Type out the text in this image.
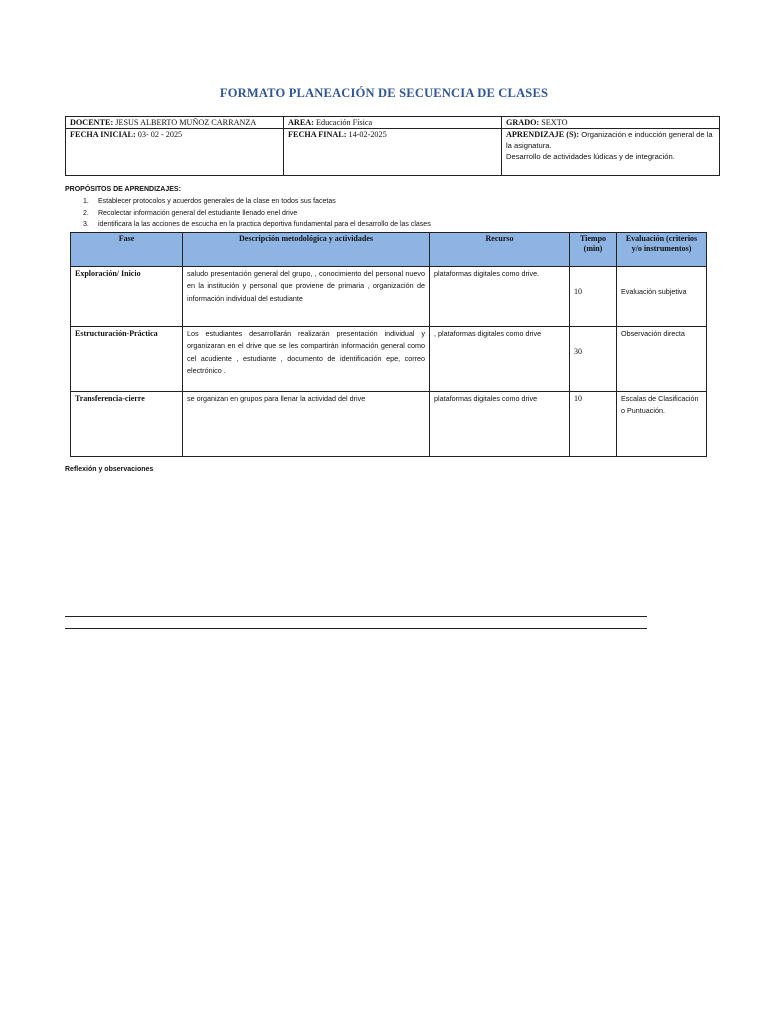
FORMATO PLANEACIÓN DE SECUENCIA DE CLASES
DOCENTE: JESUS ALBERTO MUÑOZ CARRANZA	AREA: Educación Física	GRADO: SEXTO
FECHA INICIAL: 03- 02 - 2025	FECHA FINAL: 14-02-2025	APRENDIZAJE (S): Organización e inducción general de la la asignatura.
Desarrollo de actividades lúdicas y de integración.
PROPÓSITOS DE APRENDIZAJES:
1. Establecer protocolos y acuerdos generales de la clase en todos sus facetas
2. Recolectar información general del estudiante llenado enel drive
3. identificara la las acciones de escucha en la practica deportiva fundamental para el desarrollo de las clases
Fase	Descripción metodológica y actividades	Recurso	Tiempo (min)	Evaluación (criterios y/o instrumentos)
Exploración/ Inicio	saludo presentación general del grupo, , conocimiento del personal nuevo en la institución y personal que proviene de primaria , organización de información individual del estudiante	plataformas digitales como drive.	10	Evaluación subjetiva

Estructuración-Práctica	Los estudiantes desarrollarán realizarán presentación individual y organizaran en el drive que se les compartirán información general como cel acudiente , estudiante , documento de identificación epe, correo electrónico .	, plataformas digitales como drive	30	Observación directa
Transferencia-cierre	se organizan en grupos para llenar la actividad del drive	plataformas digitales como drive	10	Escalas de Clasificación o Puntuación.
Reflexión y observaciones
